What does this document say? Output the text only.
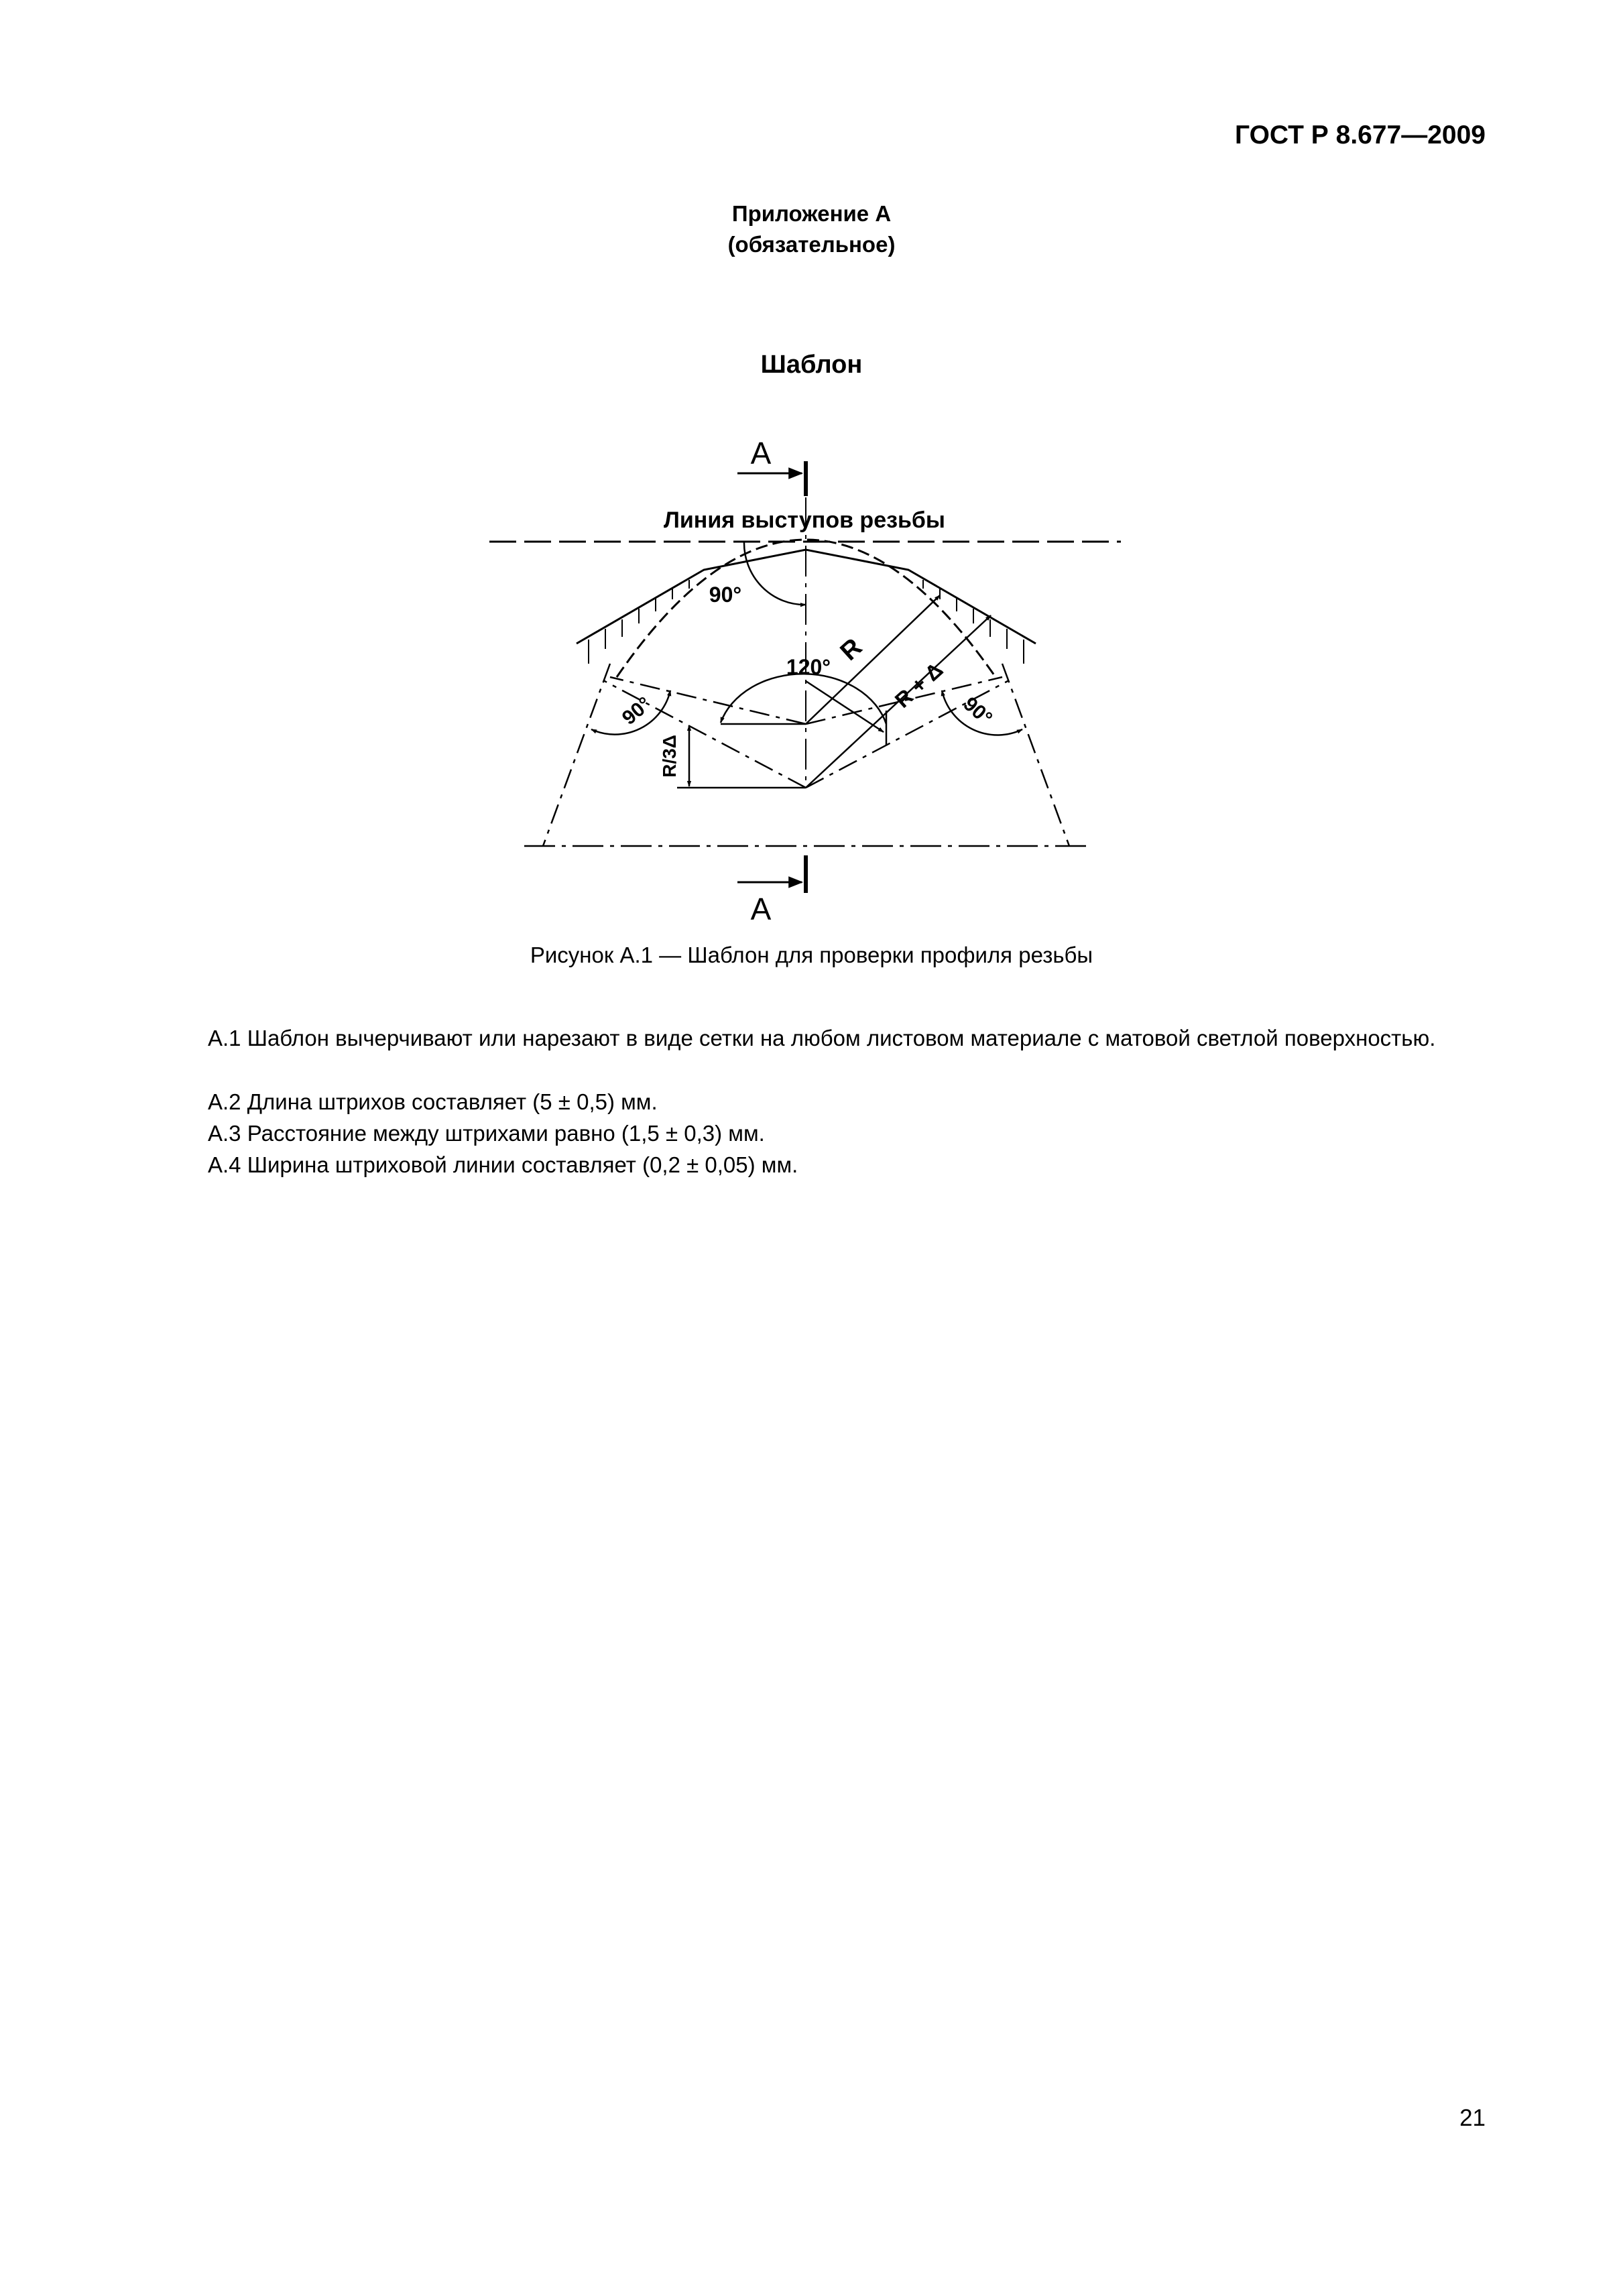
ГОСТ Р 8.677—2009
Приложение А
(обязательное)
Шаблон
А
Линия выступов резьбы
90°
120°
R
R + Δ
90°	90°
R/3Δ
А
Рисунок А.1 — Шаблон для проверки профиля резьбы
А.1 Шаблон вычерчивают или нарезают в виде сетки на любом листовом материале с матовой светлой поверхностью.
А.2 Длина штрихов составляет (5 ± 0,5) мм.
А.3 Расстояние между штрихами равно (1,5 ± 0,3) мм.
А.4 Ширина штриховой линии составляет (0,2 ± 0,05) мм.
21
